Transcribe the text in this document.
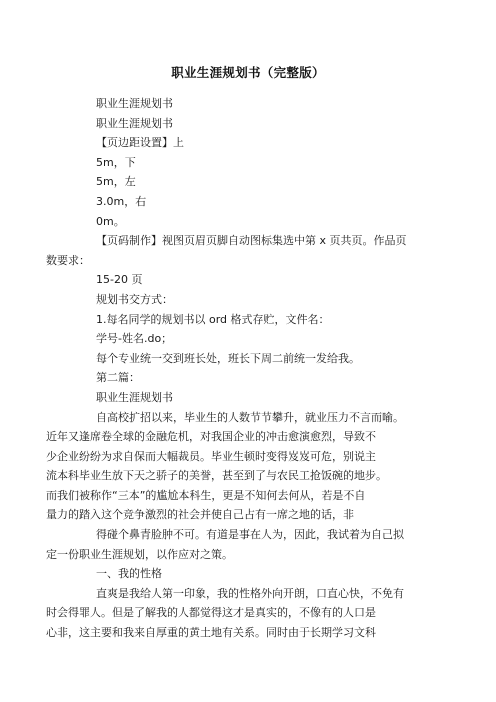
职业生涯规划书（完整版）
职业生涯规划书
职业生涯规划书
【页边距设置】上
5m，下
5m，左
3.0m，右
0m。
【页码制作】视图页眉页脚自动图标集选中第 x 页共页。作品页
数要求：
15-20 页
规划书交方式：
1.每名同学的规划书以 ord 格式存贮，文件名：
学号-姓名.do；
每个专业统一交到班长处，班长下周二前统一发给我。
第二篇：
职业生涯规划书
自高校扩招以来，毕业生的人数节节攀升，就业压力不言而喻。
近年又逢席卷全球的金融危机，对我国企业的冲击愈演愈烈，导致不
少企业纷纷为求自保而大幅裁员。毕业生顿时变得岌岌可危，别说主
流本科毕业生放下天之骄子的美誉，甚至到了与农民工抢饭碗的地步。
而我们被称作“三本”的尴尬本科生，更是不知何去何从，若是不自
量力的踏入这个竞争激烈的社会并使自己占有一席之地的话，非
得碰个鼻青脸肿不可。有道是事在人为，因此，我试着为自己拟
定一份职业生涯规划，以作应对之策。
一、我的性格
直爽是我给人第一印象，我的性格外向开朗，口直心快，不免有
时会得罪人。但是了解我的人都觉得这才是真实的，不像有的人口是
心非，这主要和我来自厚重的黄土地有关系。同时由于长期学习文科
